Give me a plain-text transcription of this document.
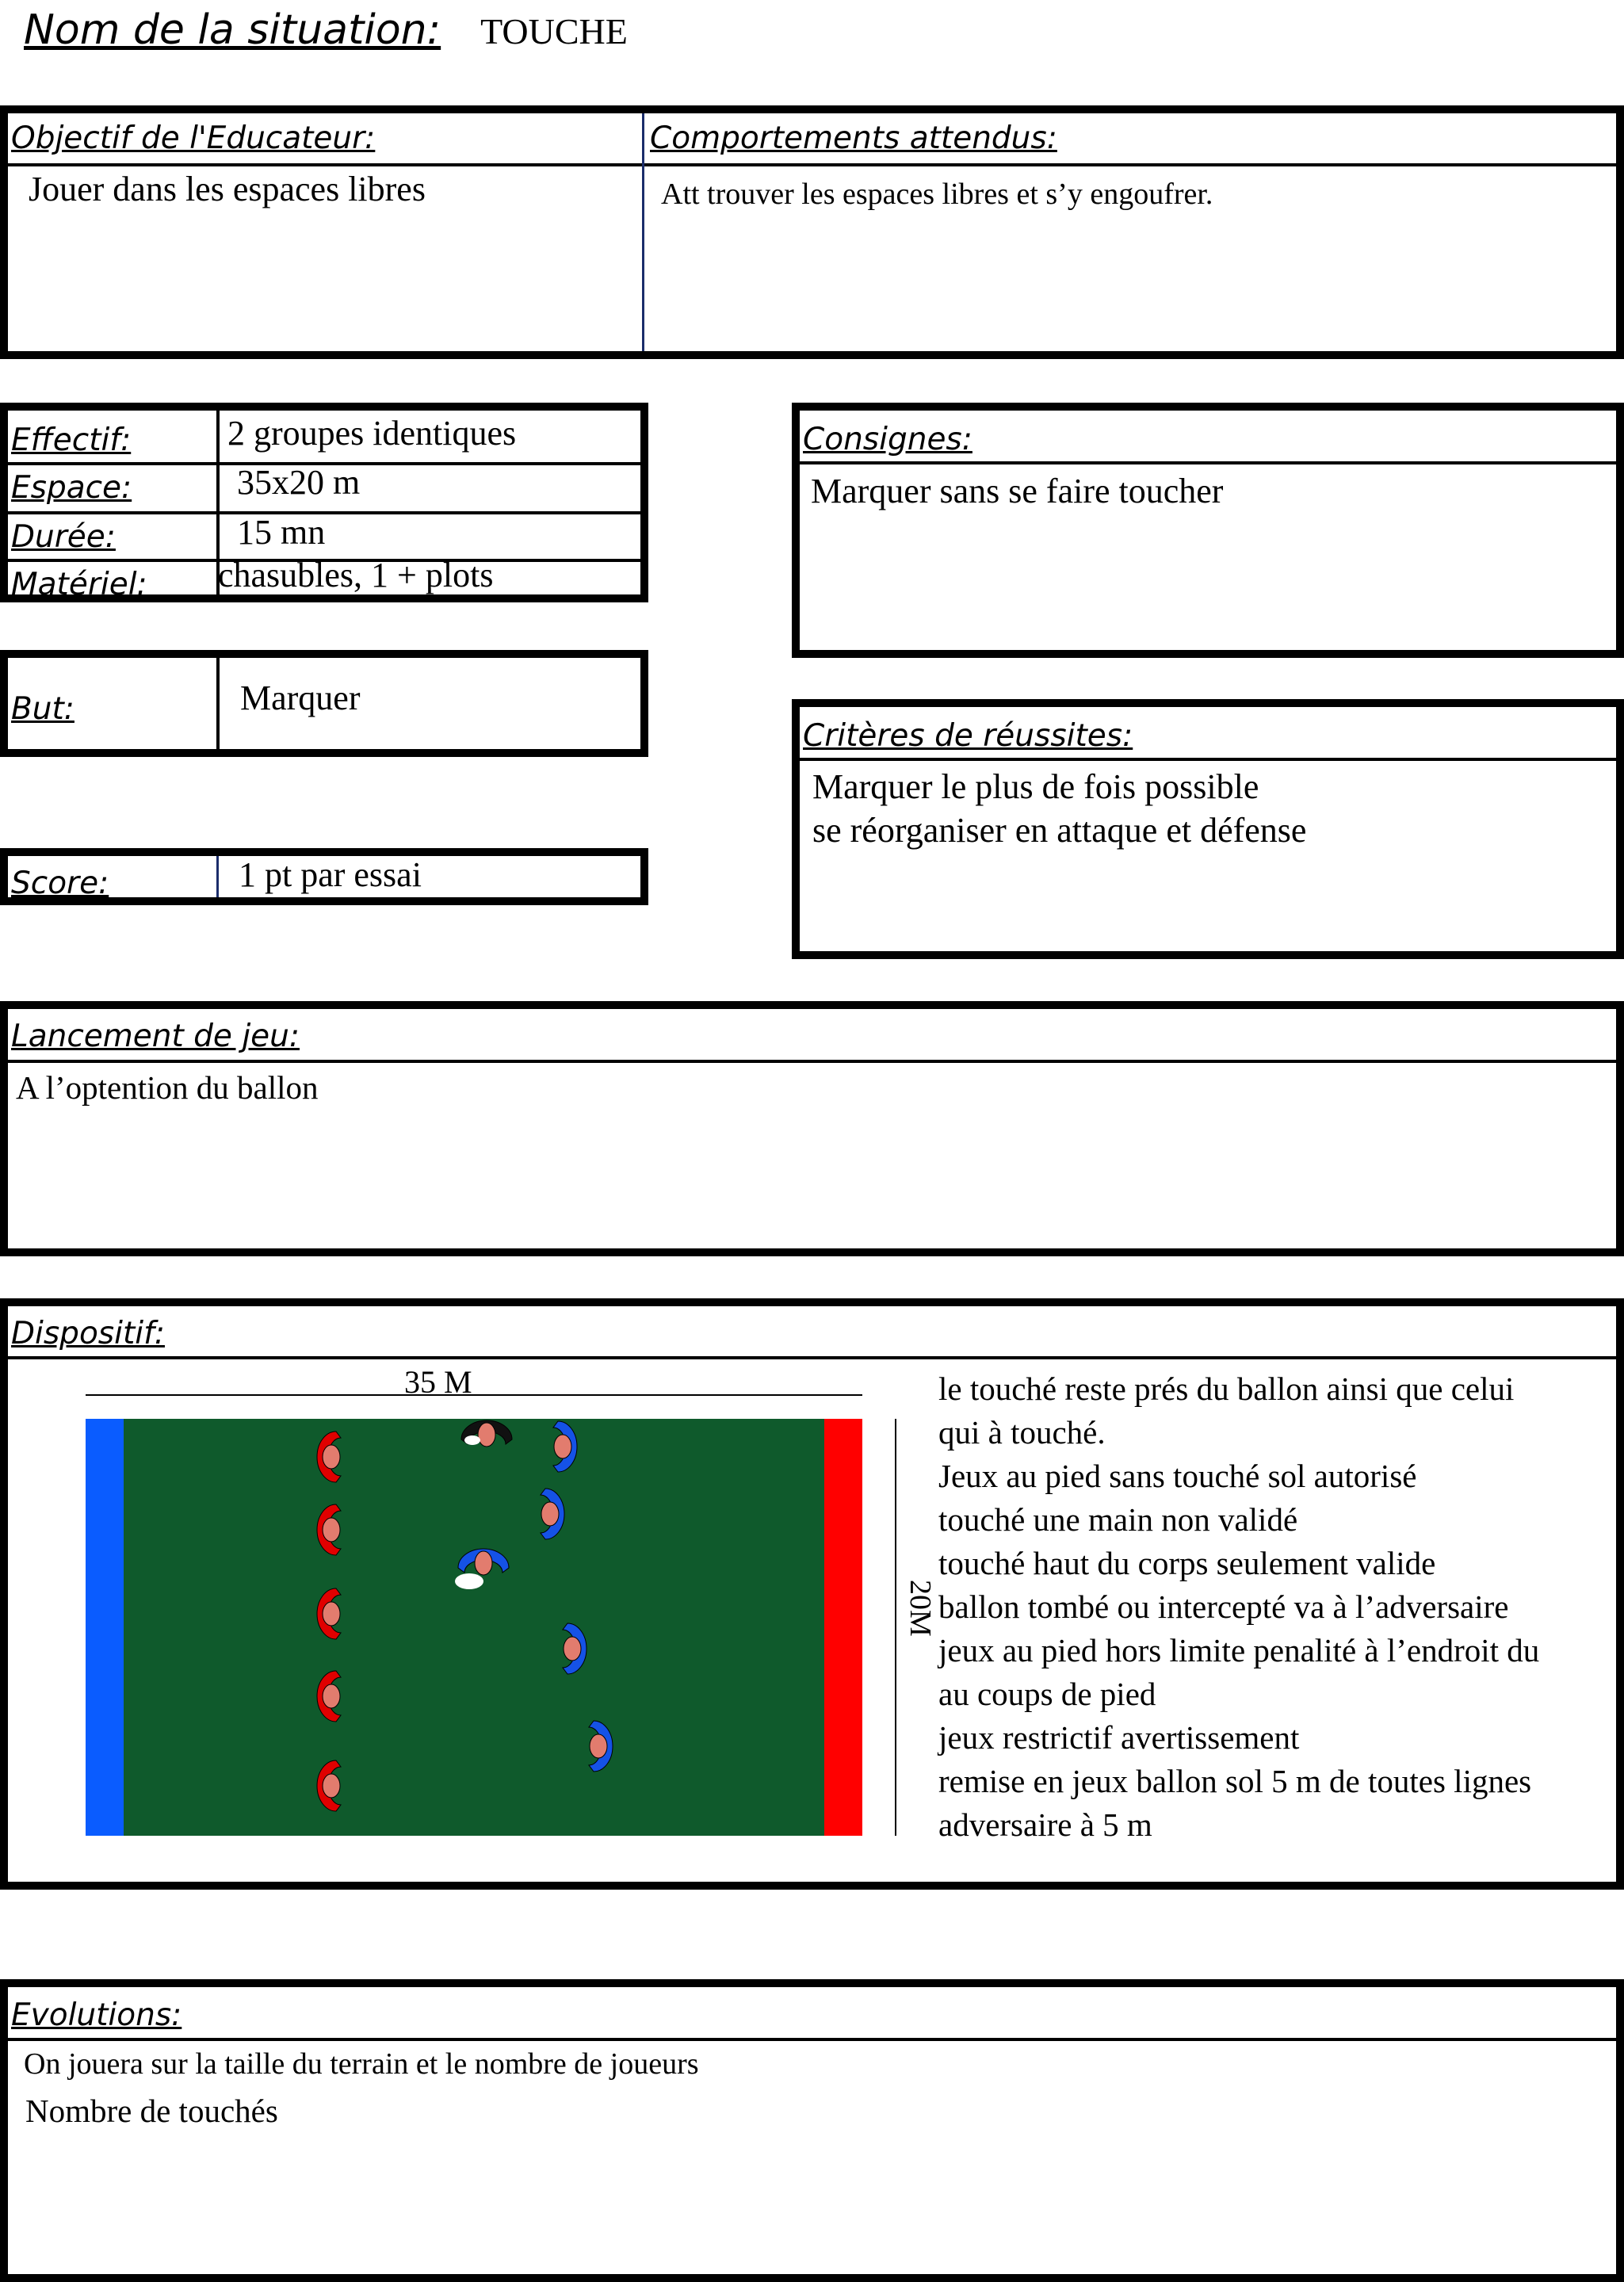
Nom de la situation: TOUCHE
Objectif de l'Educateur:
Jouer dans les espaces libres
Comportements attendus:
Att trouver les espaces libres et s’y engoufrer.
Effectif:	2 groupes identiques
Espace:	35x20 m
Durée:	15 mn
Matériel: chasubles, 1 + plots
But:	Marquer
Score:	1 pt par essai
Consignes:
Marquer sans se faire toucher
Critères de réussites:
Marquer le plus de fois possible
se réorganiser en attaque et défense
Lancement de jeu:
A l’optention du ballon
Dispositif:
35 M
20M
le touché reste prés du ballon ainsi que celui
qui à touché.
Jeux au pied sans touché sol autorisé
touché une main non validé
touché haut du corps seulement valide
ballon tombé ou intercepté va à l’adversaire
jeux au pied hors limite penalité à l’endroit du
au coups de pied
jeux restrictif avertissement
remise en jeux ballon sol 5 m de toutes lignes
adversaire à 5 m
Evolutions:
On jouera sur la taille du terrain et le nombre de joueurs
Nombre de touchés
